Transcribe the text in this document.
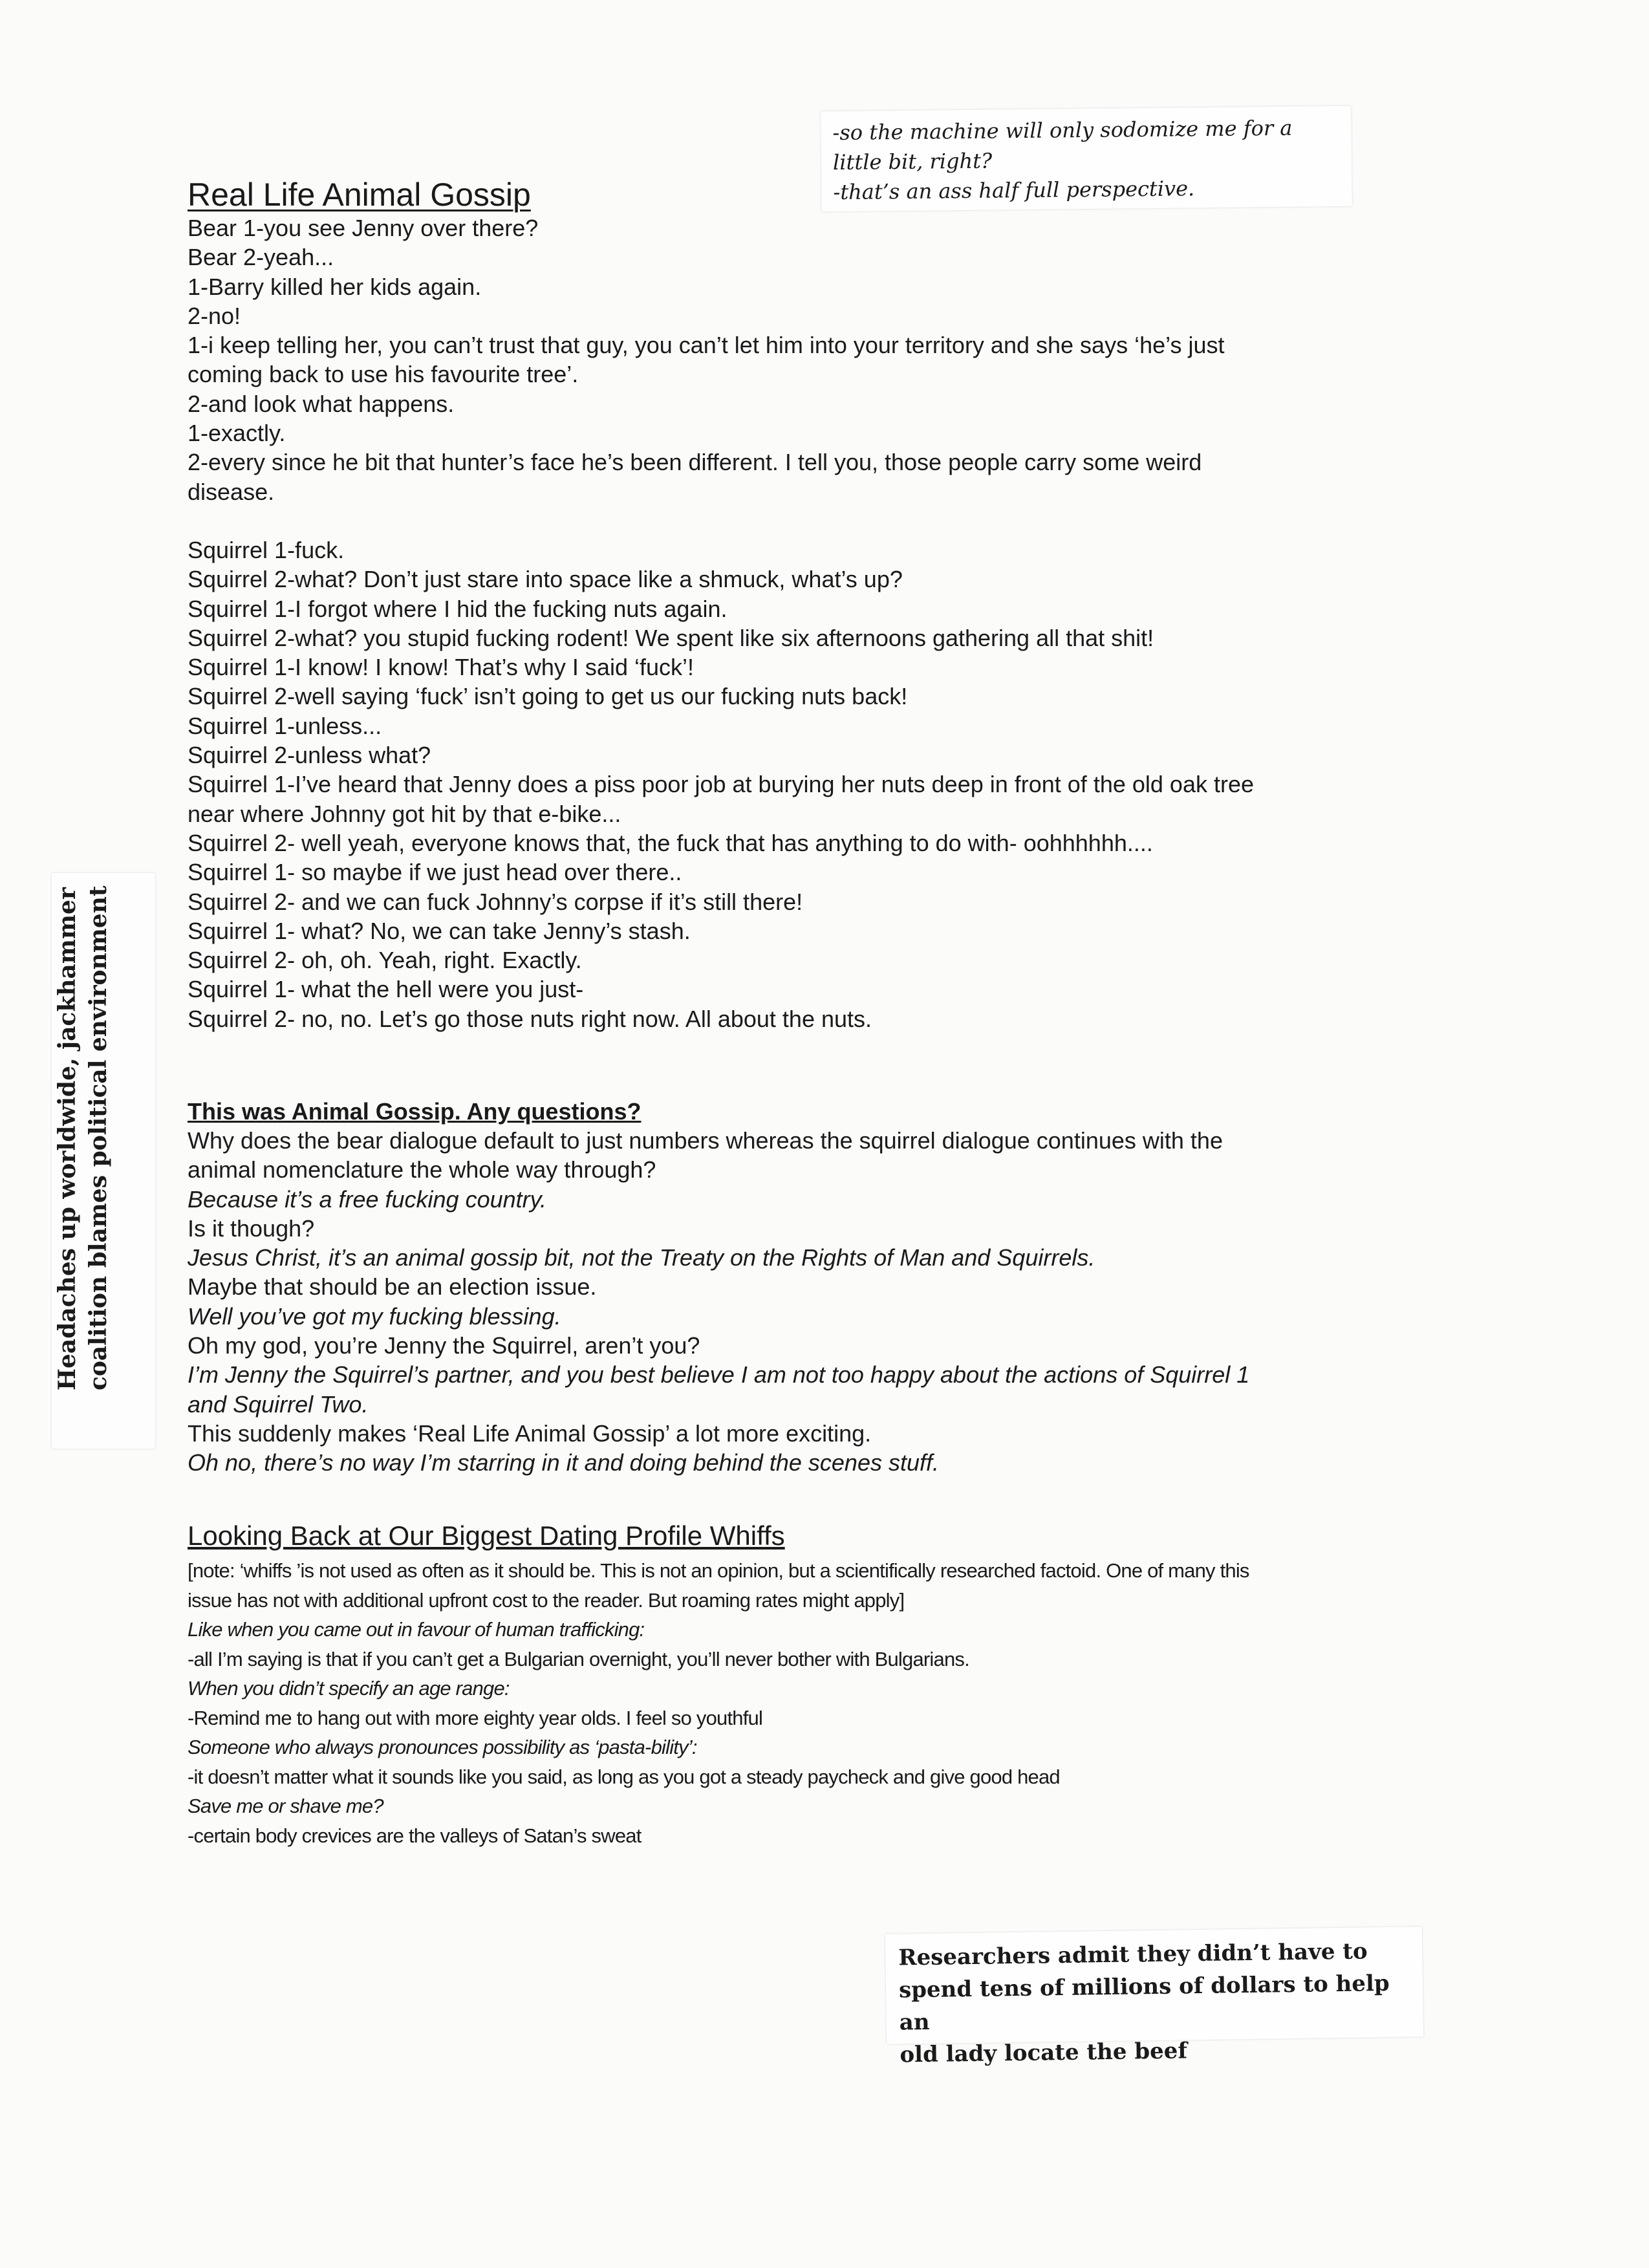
-so the machine will only sodomize me for a
little bit, right?
-that’s an ass half full perspective.
Real Life Animal Gossip
Bear 1-you see Jenny over there?
Bear 2-yeah...
1-Barry killed her kids again.
2-no!
1-i keep telling her, you can’t trust that guy, you can’t let him into your territory and she says ‘he’s just
coming back to use his favourite tree’.
2-and look what happens.
1-exactly.
2-every since he bit that hunter’s face he’s been different. I tell you, those people carry some weird
disease.
Squirrel 1-fuck.
Squirrel 2-what? Don’t just stare into space like a shmuck, what’s up?
Squirrel 1-I forgot where I hid the fucking nuts again.
Squirrel 2-what? you stupid fucking rodent! We spent like six afternoons gathering all that shit!
Squirrel 1-I know! I know! That’s why I said ‘fuck’!
Squirrel 2-well saying ‘fuck’ isn’t going to get us our fucking nuts back!
Squirrel 1-unless...
Squirrel 2-unless what?
Squirrel 1-I’ve heard that Jenny does a piss poor job at burying her nuts deep in front of the old oak tree
near where Johnny got hit by that e-bike...
Squirrel 2- well yeah, everyone knows that, the fuck that has anything to do with- oohhhhhh....
Squirrel 1- so maybe if we just head over there..
Squirrel 2- and we can fuck Johnny’s corpse if it’s still there!
Squirrel 1- what? No, we can take Jenny’s stash.
Squirrel 2- oh, oh. Yeah, right. Exactly.
Squirrel 1- what the hell were you just-
Squirrel 2- no, no. Let’s go those nuts right now. All about the nuts.
This was Animal Gossip. Any questions?
Why does the bear dialogue default to just numbers whereas the squirrel dialogue continues with the
animal nomenclature the whole way through?
Because it’s a free fucking country.
Is it though?
Jesus Christ, it’s an animal gossip bit, not the Treaty on the Rights of Man and Squirrels.
Maybe that should be an election issue.
Well you’ve got my fucking blessing.
Oh my god, you’re Jenny the Squirrel, aren’t you?
I’m Jenny the Squirrel’s partner, and you best believe I am not too happy about the actions of Squirrel 1
and Squirrel Two.
This suddenly makes ‘Real Life Animal Gossip’ a lot more exciting.
Oh no, there’s no way I’m starring in it and doing behind the scenes stuff.
Looking Back at Our Biggest Dating Profile Whiffs
[note: ‘whiffs ’is not used as often as it should be. This is not an opinion, but a scientifically researched factoid. One of many this
issue has not with additional upfront cost to the reader. But roaming rates might apply]
Like when you came out in favour of human trafficking:
-all I’m saying is that if you can’t get a Bulgarian overnight, you’ll never bother with Bulgarians.
When you didn’t specify an age range:
-Remind me to hang out with more eighty year olds. I feel so youthful
Someone who always pronounces possibility as ‘pasta-bility’:
-it doesn’t matter what it sounds like you said, as long as you got a steady paycheck and give good head
Save me or shave me?
-certain body crevices are the valleys of Satan’s sweat
Headaches up worldwide, jackhammer coalition blames political environment
Researchers admit they didn’t have to
spend tens of millions of dollars to help an
old lady locate the beef
